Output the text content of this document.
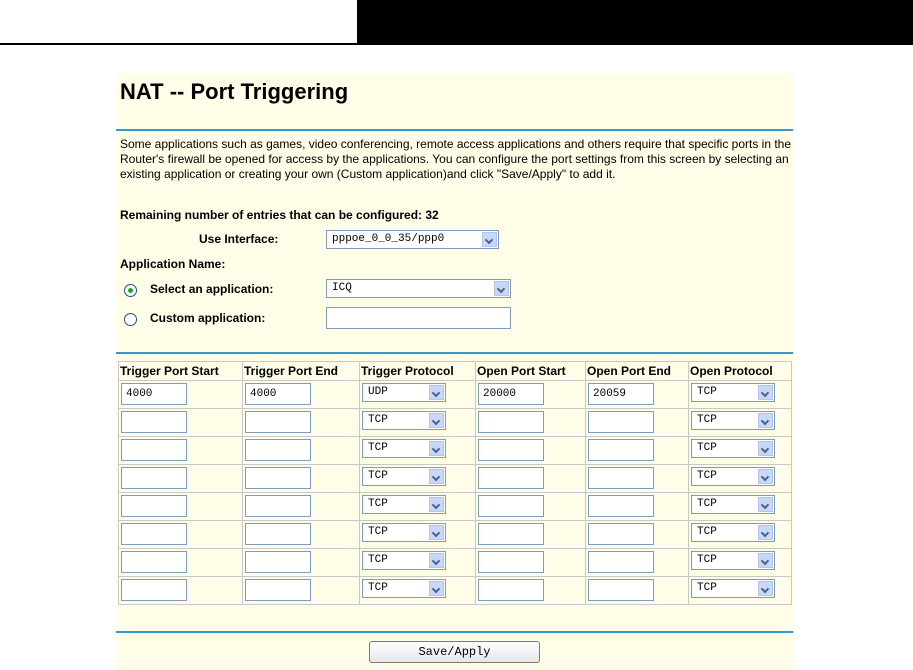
NAT -- Port Triggering
Some applications such as games, video conferencing, remote access applications and others require that specific ports in the Router's firewall be opened for access by the applications. You can configure the port settings from this screen by selecting an existing application or creating your own (Custom application)and click "Save/Apply" to add it.
Remaining number of entries that can be configured: 32
Use Interface:	pppoe_0_0_35/ppp0
Application Name:
Select an application:	ICQ
Custom application:
Trigger Port Start	Trigger Port End	Trigger Protocol	Open Port Start	Open Port End	Open Protocol

4000	4000	UDP	20000	20059	TCP

		TCP			TCP

		TCP			TCP

		TCP			TCP

		TCP			TCP

		TCP			TCP

		TCP			TCP

		TCP			TCP
Save/Apply
